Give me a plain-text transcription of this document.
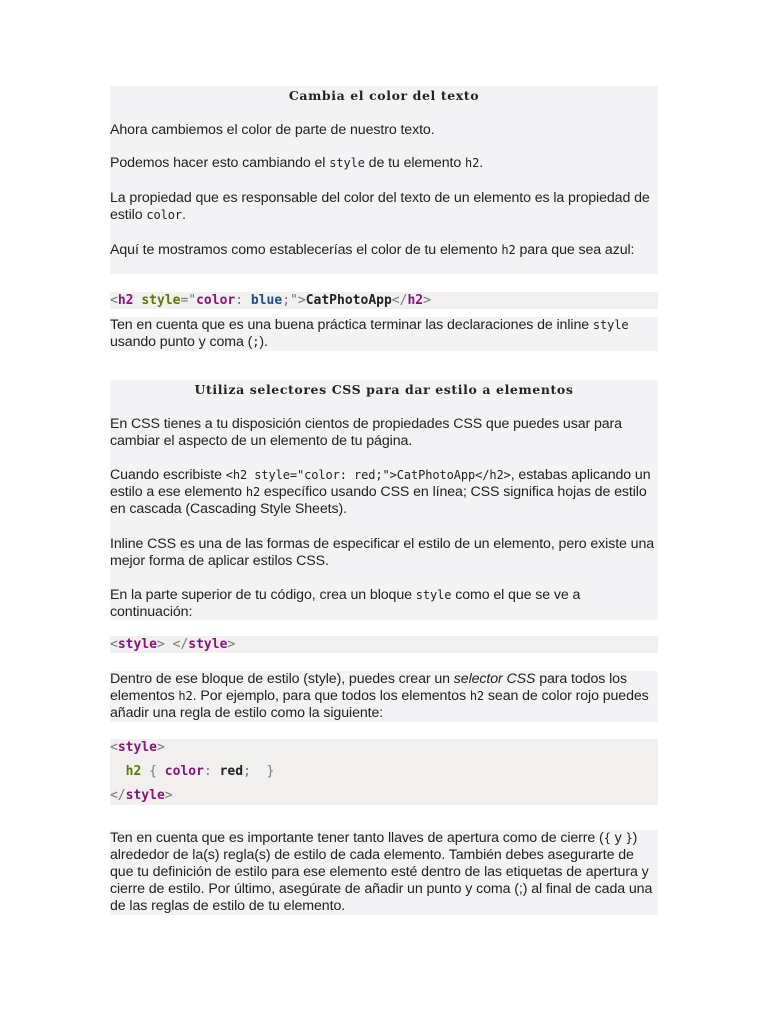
Cambia el color del texto

Ahora cambiemos el color de parte de nuestro texto.

Podemos hacer esto cambiando el style de tu elemento h2.

La propiedad que es responsable del color del texto de un elemento es la propiedad de estilo color.

Aquí te mostramos como establecerías el color de tu elemento h2 para que sea azul:

<h2 style="color: blue;">CatPhotoApp</h2>

Ten en cuenta que es una buena práctica terminar las declaraciones de inline style usando punto y coma (;).

Utiliza selectores CSS para dar estilo a elementos

En CSS tienes a tu disposición cientos de propiedades CSS que puedes usar para cambiar el aspecto de un elemento de tu página.

Cuando escribiste <h2 style="color: red;">CatPhotoApp</h2>, estabas aplicando un estilo a ese elemento h2 específico usando CSS en línea; CSS significa hojas de estilo en cascada (Cascading Style Sheets).

Inline CSS es una de las formas de especificar el estilo de un elemento, pero existe una mejor forma de aplicar estilos CSS.

En la parte superior de tu código, crea un bloque style como el que se ve a continuación:

<style> </style>

Dentro de ese bloque de estilo (style), puedes crear un selector CSS para todos los elementos h2. Por ejemplo, para que todos los elementos h2 sean de color rojo puedes añadir una regla de estilo como la siguiente:

<style>
h2 { color: red;  }
</style>

Ten en cuenta que es importante tener tanto llaves de apertura como de cierre ({ y }) alrededor de la(s) regla(s) de estilo de cada elemento. También debes asegurarte de que tu definición de estilo para ese elemento esté dentro de las etiquetas de apertura y cierre de estilo. Por último, asegúrate de añadir un punto y coma (;) al final de cada una de las reglas de estilo de tu elemento.
